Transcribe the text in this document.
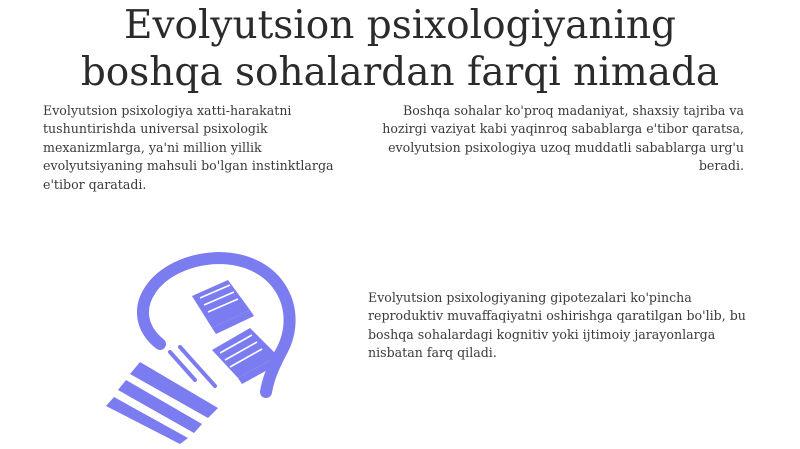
Evolyutsion psixologiyaning
boshqa sohalardan farqi nimada

Evolyutsion psixologiya xatti-harakatni tushuntirishda universal psixologik mexanizmlarga, ya'ni million yillik evolyutsiyaning mahsuli bo'lgan instinktlarga e'tibor qaratadi.

Boshqa sohalar ko'proq madaniyat, shaxsiy tajriba va hozirgi vaziyat kabi yaqinroq sabablarga e'tibor qaratsa, evolyutsion psixologiya uzoq muddatli sabablarga urg'u beradi.

Evolyutsion psixologiyaning gipotezalari ko'pincha reproduktiv muvaffaqiyatni oshirishga qaratilgan bo'lib, bu boshqa sohalardagi kognitiv yoki ijtimoiy jarayonlarga nisbatan farq qiladi.
